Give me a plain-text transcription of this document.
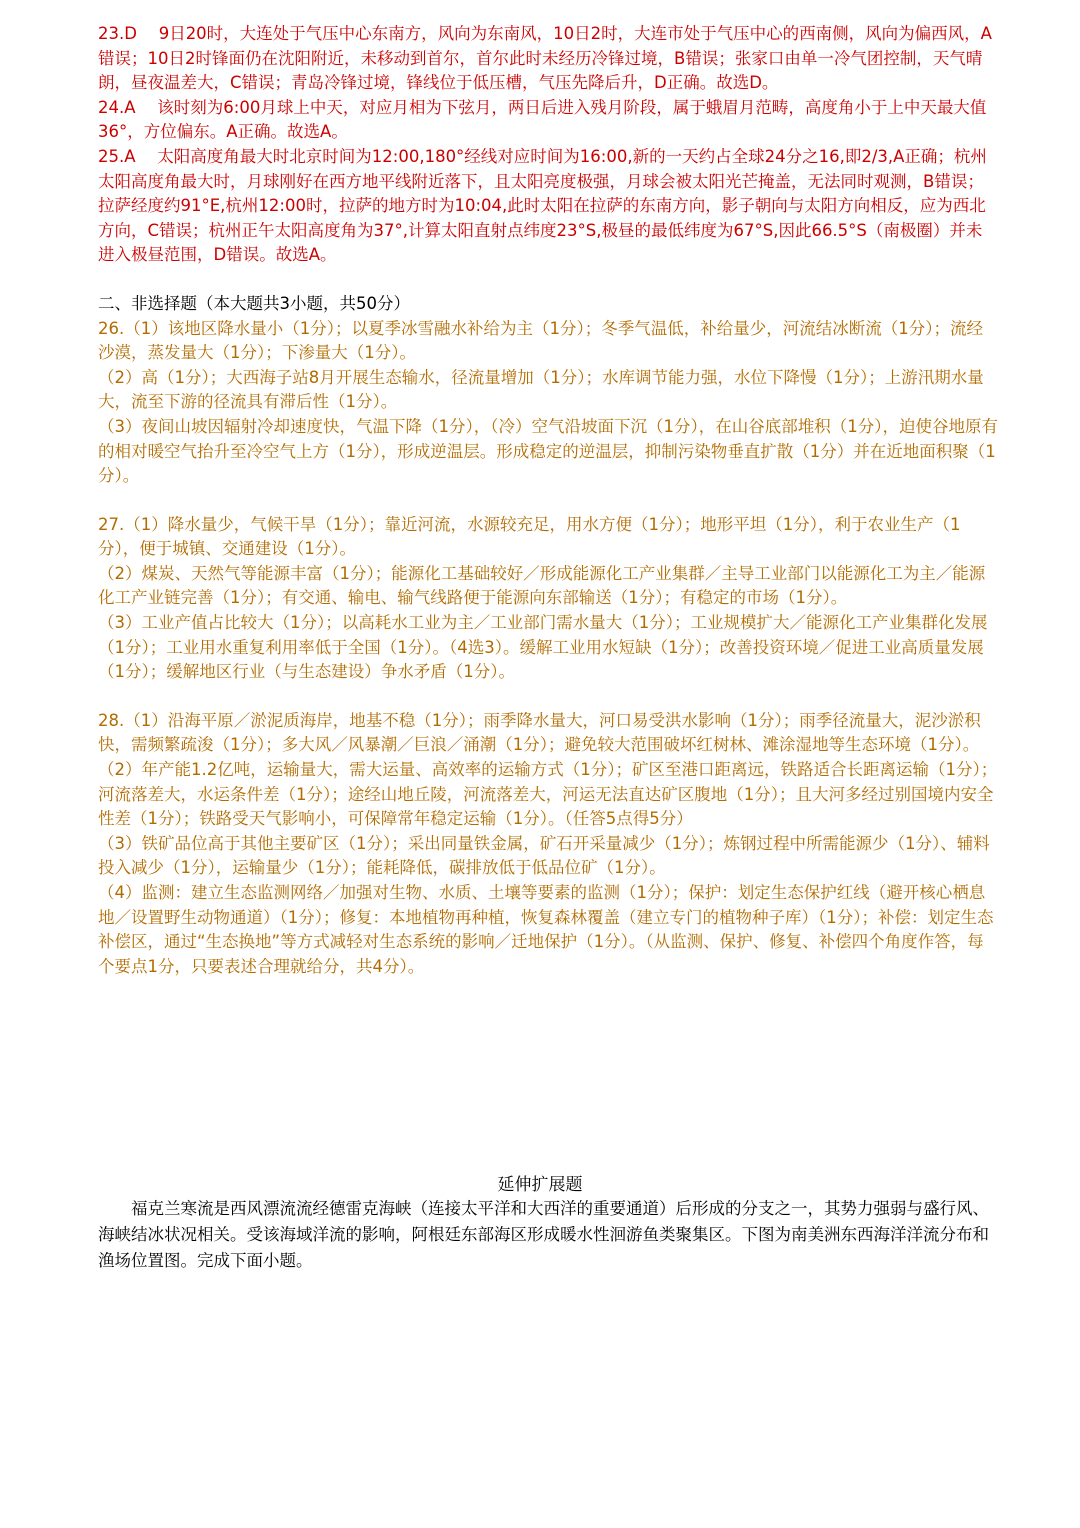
23.D　 9日20时，大连处于气压中心东南方，风向为东南风，10日2时，大连市处于气压中心的西南侧，风向为偏西风，A错误；10日2时锋面仍在沈阳附近，未移动到首尔，首尔此时未经历冷锋过境，B错误；张家口由单一冷气团控制，天气晴朗，昼夜温差大，C错误；青岛冷锋过境，锋线位于低压槽，气压先降后升，D正确。故选D。

24.A　 该时刻为6:00月球上中天，对应月相为下弦月，两日后进入残月阶段，属于蛾眉月范畴，高度角小于上中天最大值36°，方位偏东。A正确。故选A。

25.A　 太阳高度角最大时北京时间为12:00,180°经线对应时间为16:00,新的一天约占全球24分之16,即2/3,A正确；杭州太阳高度角最大时，月球刚好在西方地平线附近落下，且太阳亮度极强，月球会被太阳光芒掩盖，无法同时观测，B错误；拉萨经度约91°E,杭州12:00时，拉萨的地方时为10:04,此时太阳在拉萨的东南方向，影子朝向与太阳方向相反，应为西北方向，C错误；杭州正午太阳高度角为37°,计算太阳直射点纬度23°S,极昼的最低纬度为67°S,因此66.5°S（南极圈）并未进入极昼范围，D错误。故选A。

二、非选择题（本大题共3小题，共50分）

26.（1）该地区降水量小（1分）；以夏季冰雪融水补给为主（1分）；冬季气温低，补给量少，河流结冰断流（1分）；流经沙漠，蒸发量大（1分）；下渗量大（1分）。

（2）高（1分）；大西海子站8月开展生态输水，径流量增加（1分）；水库调节能力强，水位下降慢（1分）；上游汛期水量大，流至下游的径流具有滞后性（1分）。

（3）夜间山坡因辐射冷却速度快，气温下降（1分），（冷）空气沿坡面下沉（1分），在山谷底部堆积（1分），迫使谷地原有的相对暖空气抬升至冷空气上方（1分），形成逆温层。形成稳定的逆温层，抑制污染物垂直扩散（1分）并在近地面积聚（1分）。

27.（1）降水量少，气候干旱（1分）；靠近河流，水源较充足，用水方便（1分）；地形平坦（1分），利于农业生产（1分），便于城镇、交通建设（1分）。

（2）煤炭、天然气等能源丰富（1分）；能源化工基础较好／形成能源化工产业集群／主导工业部门以能源化工为主／能源化工产业链完善（1分）；有交通、输电、输气线路便于能源向东部输送（1分）；有稳定的市场（1分）。

（3）工业产值占比较大（1分）；以高耗水工业为主／工业部门需水量大（1分）；工业规模扩大／能源化工产业集群化发展（1分）；工业用水重复利用率低于全国（1分）。（4选3）。缓解工业用水短缺（1分）；改善投资环境／促进工业高质量发展（1分）；缓解地区行业（与生态建设）争水矛盾（1分）。

28.（1）沿海平原／淤泥质海岸，地基不稳（1分）；雨季降水量大，河口易受洪水影响（1分）；雨季径流量大，泥沙淤积快，需频繁疏浚（1分）；多大风／风暴潮／巨浪／涌潮（1分）；避免较大范围破坏红树林、滩涂湿地等生态环境（1分）。

（2）年产能1.2亿吨，运输量大，需大运量、高效率的运输方式（1分）；矿区至港口距离远，铁路适合长距离运输（1分）；河流落差大，水运条件差（1分）；途经山地丘陵，河流落差大，河运无法直达矿区腹地（1分）；且大河多经过别国境内安全性差（1分）；铁路受天气影响小，可保障常年稳定运输（1分）。（任答5点得5分）

（3）铁矿品位高于其他主要矿区（1分）；采出同量铁金属，矿石开采量减少（1分）；炼钢过程中所需能源少（1分）、辅料投入减少（1分），运输量少（1分）；能耗降低，碳排放低于低品位矿（1分）。

（4）监测：建立生态监测网络／加强对生物、水质、土壤等要素的监测（1分）；保护：划定生态保护红线（避开核心栖息地／设置野生动物通道）（1分）；修复：本地植物再种植，恢复森林覆盖（建立专门的植物种子库）（1分）；补偿：划定生态补偿区，通过“生态换地”等方式减轻对生态系统的影响／迁地保护（1分）。（从监测、保护、修复、补偿四个角度作答，每个要点1分，只要表述合理就给分，共4分）。

延伸扩展题

福克兰寒流是西风漂流流经德雷克海峡（连接太平洋和大西洋的重要通道）后形成的分支之一，其势力强弱与盛行风、海峡结冰状况相关。受该海域洋流的影响，阿根廷东部海区形成暖水性洄游鱼类聚集区。下图为南美洲东西海洋洋流分布和渔场位置图。完成下面小题。
